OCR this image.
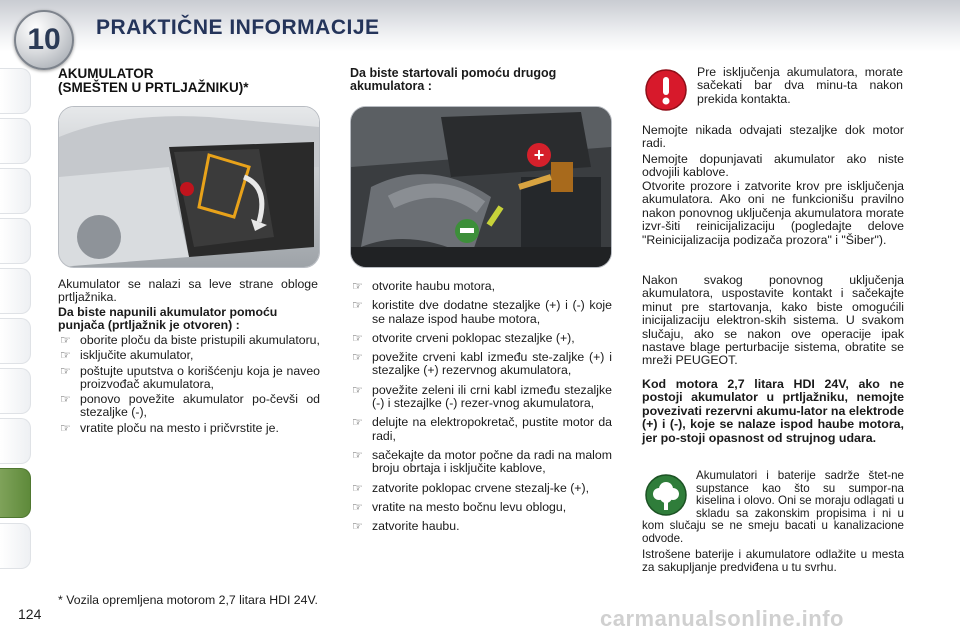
10	PRAKTIČNE INFORMACIJE
AKUMULATOR
(SMEŠTEN U PRTLJAŽNIKU)*
Akumulator se nalazi sa leve strane obloge prtljažnika.
Da biste napunili akumulator pomoću punjača (prtljažnik je otvoren) :
☞ oborite ploču da biste pristupili akumulatoru,
☞ isključite akumulator,
☞ poštujte uputstva o korišćenju koja je naveo proizvođač akumulatora,
☞ ponovo povežite akumulator po-čevši od stezaljke (-),
☞ vratite ploču na mesto i pričvrstite je.
* Vozila opremljena motorom 2,7 litara HDI 24V.
124
Da biste startovali pomoću drugog akumulatora :
+
☞ otvorite haubu motora,
☞ koristite dve dodatne stezaljke (+) i (-) koje se nalaze ispod haube motora,
☞ otvorite crveni poklopac stezaljke (+),
☞ povežite crveni kabl između ste-zaljke (+) i stezaljke (+) rezervnog akumulatora,
☞ povežite zeleni ili crni kabl između stezaljke (-) i stezajlke (-) rezer-vnog akumulatora,
☞ delujte na elektropokretač, pustite motor da radi,
☞ sačekajte da motor počne da radi na malom broju obrtaja i isključite kablove,
☞ zatvorite poklopac crvene stezalj-ke (+),
☞ vratite na mesto bočnu levu oblogu,
☞ zatvorite haubu.
Pre isključenja akumulatora, morate sačekati bar dva minu-ta nakon prekida kontakta.
Nemojte nikada odvajati stezaljke dok motor radi.
Nemojte dopunjavati akumulator ako niste odvojili kablove.
Otvorite prozore i zatvorite krov pre isključenja akumulatora. Ako oni ne funkcionišu pravilno nakon ponovnog uključenja akumulatora morate izvr-šiti reinicijalizaciju (pogledajte delove "Reinicijalizacija podizača prozora" i "Šiber").
Nakon svakog ponovnog uključenja akumulatora, uspostavite kontakt i sačekajte minut pre startovanja, kako biste omogućili inicijalizaciju elektron-skih sistema. U svakom slučaju, ako se nakon ove operacije ipak nastave blage perturbacije sistema, obratite se mreži PEUGEOT.
Kod motora 2,7 litara HDI 24V, ako ne postoji akumulator u prtljažniku, nemojte povezivati rezervni akumu-lator na elektrode (+) i (-), koje se nalaze ispod haube motora, jer po-stoji opasnost od strujnog udara.
Akumulatori i baterije sadrže štet-ne supstance kao što su sumpor-na kiselina i olovo. Oni se moraju odlagati u skladu sa zakonskim propisima i ni u kom slučaju se ne smeju bacati u kanalizacione odvode.
Istrošene baterije i akumulatore odlažite u mesta za sakupljanje predviđena u tu svrhu.
carmanualsonline.info
